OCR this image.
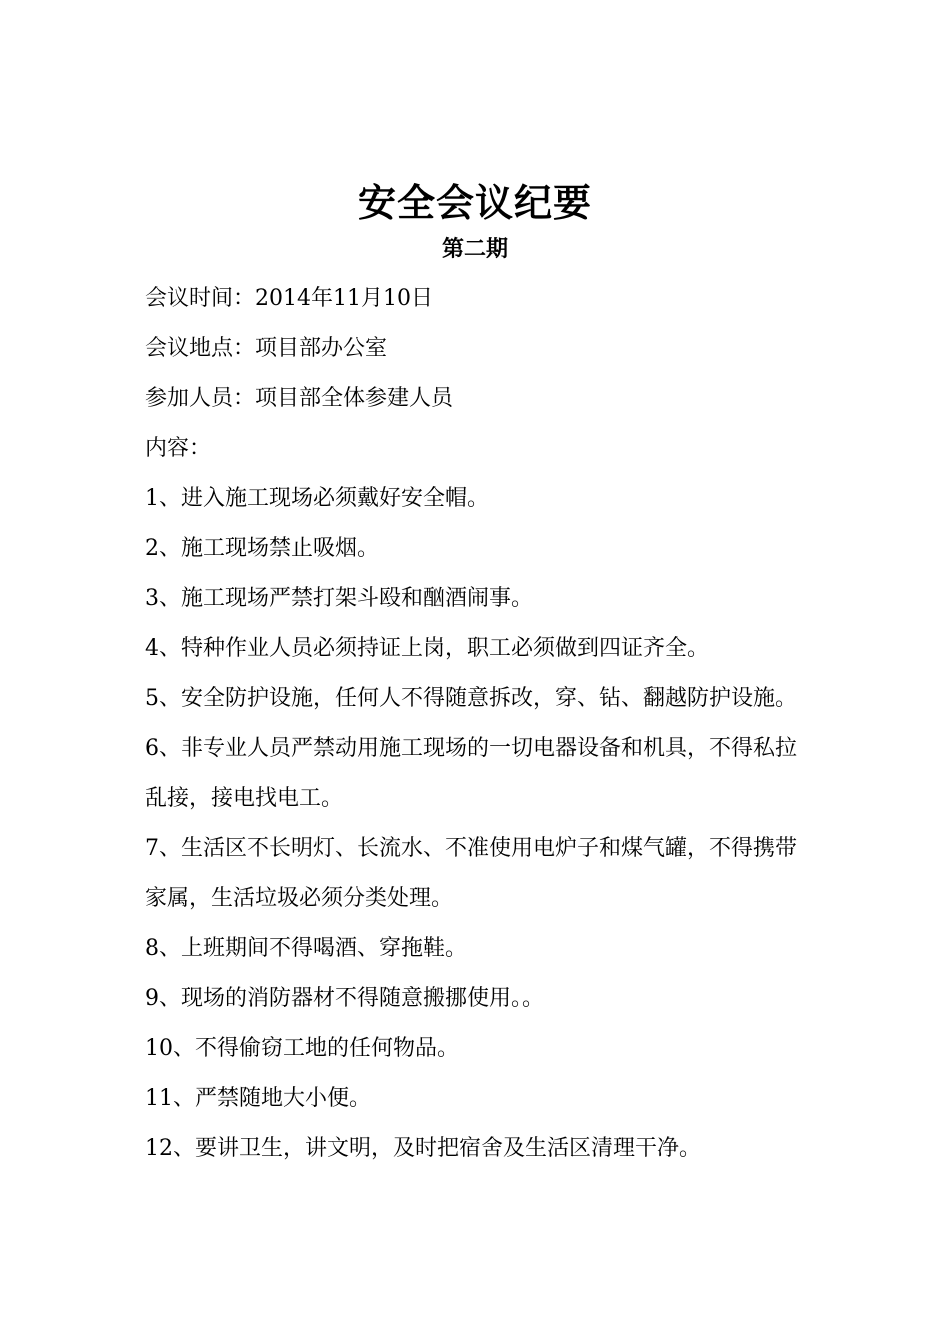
安全会议纪要
第二期

会议时间：2014年11月10日

会议地点：项目部办公室

参加人员：项目部全体参建人员

内容：

1、进入施工现场必须戴好安全帽。

2、施工现场禁止吸烟。

3、施工现场严禁打架斗殴和酗酒闹事。

4、特种作业人员必须持证上岗，职工必须做到四证齐全。

5、安全防护设施，任何人不得随意拆改，穿、钻、翻越防护设施。

6、非专业人员严禁动用施工现场的一切电器设备和机具，不得私拉乱接，接电找电工。

7、生活区不长明灯、长流水、不准使用电炉子和煤气罐，不得携带家属，生活垃圾必须分类处理。

8、上班期间不得喝酒、穿拖鞋。

9、现场的消防器材不得随意搬挪使用。。

10、不得偷窃工地的任何物品。

11、严禁随地大小便。

12、要讲卫生，讲文明，及时把宿舍及生活区清理干净。
